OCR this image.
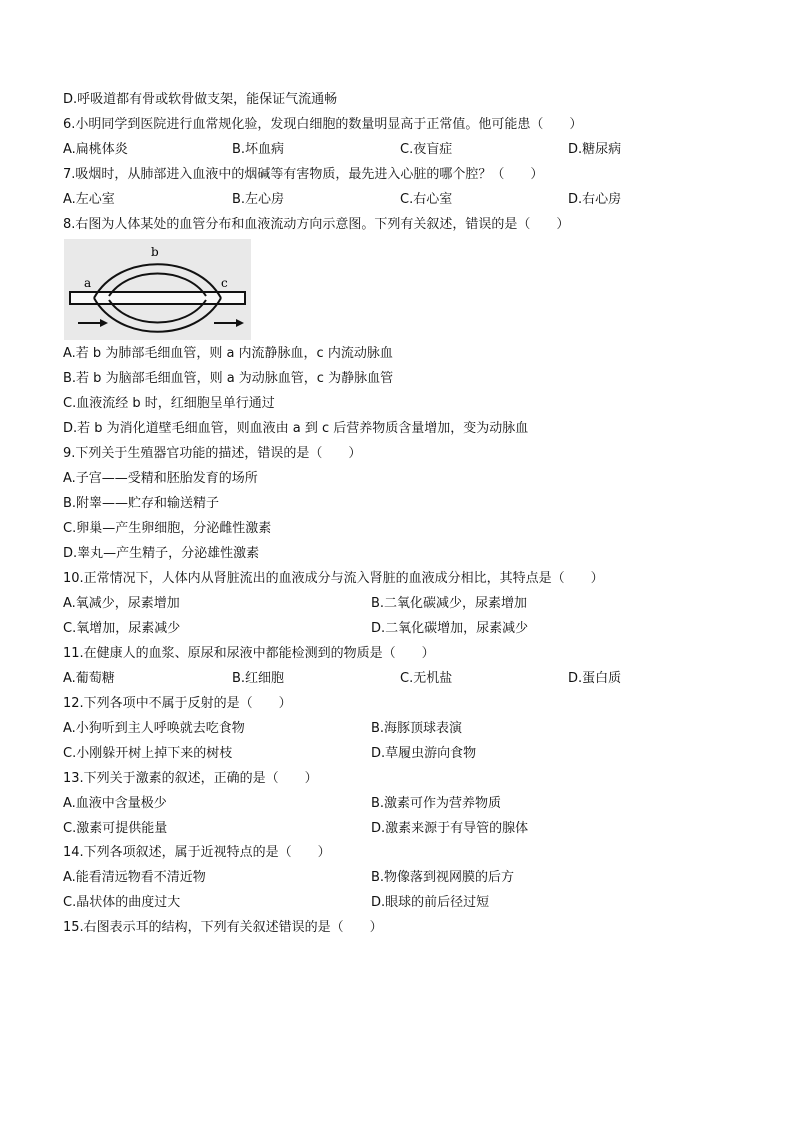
D.呼吸道都有骨或软骨做支架，能保证气流通畅
6.小明同学到医院进行血常规化验，发现白细胞的数量明显高于正常值。他可能患（　　）
A.扁桃体炎	B.坏血病	C.夜盲症	D.糖尿病
7.吸烟时，从肺部进入血液中的烟碱等有害物质，最先进入心脏的哪个腔？（　　）
A.左心室	B.左心房	C.右心室	D.右心房
8.右图为人体某处的血管分布和血液流动方向示意图。下列有关叙述，错误的是（　　）
a
b
c
A.若 b 为肺部毛细血管，则 a 内流静脉血，c 内流动脉血
B.若 b 为脑部毛细血管，则 a 为动脉血管，c 为静脉血管
C.血液流经 b 时，红细胞呈单行通过
D.若 b 为消化道壁毛细血管，则血液由 a 到 c 后营养物质含量增加，变为动脉血
9.下列关于生殖器官功能的描述，错误的是（　　）
A.子宫——受精和胚胎发育的场所
B.附睾——贮存和输送精子
C.卵巢—产生卵细胞，分泌雌性激素
D.睾丸—产生精子，分泌雄性激素
10.正常情况下，人体内从肾脏流出的血液成分与流入肾脏的血液成分相比，其特点是（　　）
A.氧减少，尿素增加	B.二氧化碳减少，尿素增加
C.氧增加，尿素减少	D.二氧化碳增加，尿素减少
11.在健康人的血浆、原尿和尿液中都能检测到的物质是（　　）
A.葡萄糖	B.红细胞	C.无机盐	D.蛋白质
12.下列各项中不属于反射的是（　　）
A.小狗听到主人呼唤就去吃食物	B.海豚顶球表演
C.小刚躲开树上掉下来的树枝	D.草履虫游向食物
13.下列关于激素的叙述，正确的是（　　）
A.血液中含量极少	B.激素可作为营养物质
C.激素可提供能量	D.激素来源于有导管的腺体
14.下列各项叙述，属于近视特点的是（　　）
A.能看清远物看不清近物	B.物像落到视网膜的后方
C.晶状体的曲度过大	D.眼球的前后径过短
15.右图表示耳的结构，下列有关叙述错误的是（　　）
